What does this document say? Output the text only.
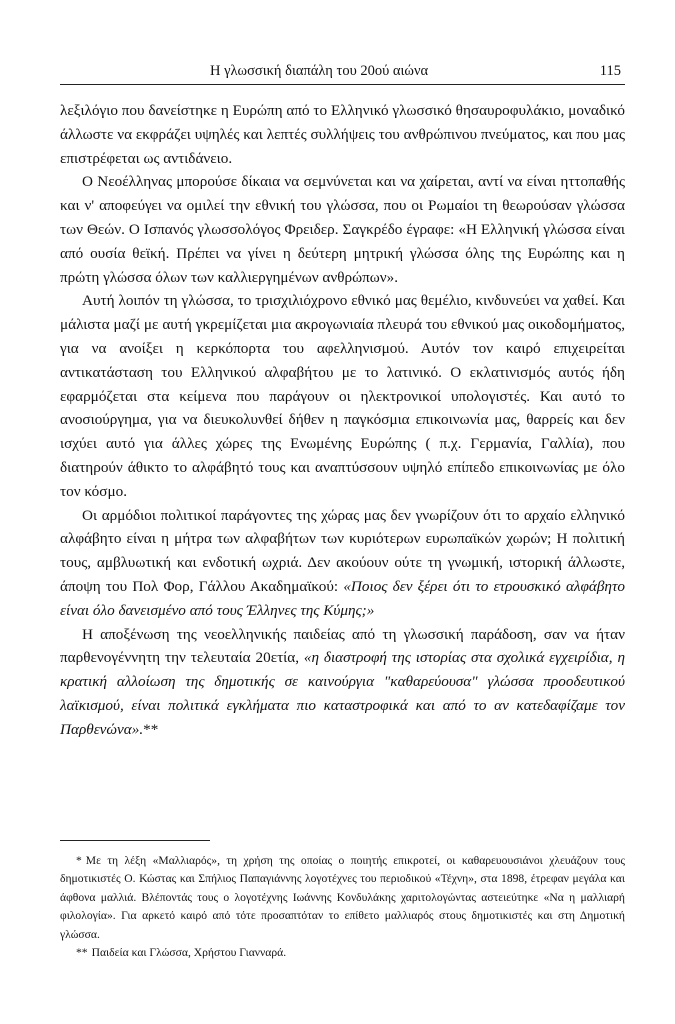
Η γλωσσική διαπάλη του 20ού αιώνα	115

λεξιλόγιο που δανείστηκε η Ευρώπη από το Ελληνικό γλωσσικό θησαυροφυλάκιο, μοναδικό άλλωστε να εκφράζει υψηλές και λεπτές συλλήψεις του ανθρώπινου πνεύματος, και που μας επιστρέφεται ως αντιδάνειο.

Ο Νεοέλληνας μπορούσε δίκαια να σεμνύνεται και να χαίρεται, αντί να είναι ηττοπαθής και ν' αποφεύγει να ομιλεί την εθνική του γλώσσα, που οι Ρωμαίοι τη θεωρούσαν γλώσσα των Θεών. Ο Ισπανός γλωσσολόγος Φρειδερ. Σαγκρέδο έγραφε: «Η Ελληνική γλώσσα είναι από ουσία θεϊκή. Πρέπει να γίνει η δεύτερη μητρική γλώσσα όλης της Ευρώπης και η πρώτη γλώσσα όλων των καλλιεργημένων ανθρώπων».

Αυτή λοιπόν τη γλώσσα, το τρισχιλιόχρονο εθνικό μας θεμέλιο, κινδυνεύει να χαθεί. Και μάλιστα μαζί με αυτή γκρεμίζεται μια ακρογωνιαία πλευρά του εθνικού μας οικοδομήματος, για να ανοίξει η κερκόπορτα του αφελληνισμού. Αυτόν τον καιρό επιχειρείται αντικατάσταση του Ελληνικού αλφαβήτου με το λατινικό. Ο εκλατινισμός αυτός ήδη εφαρμόζεται στα κείμενα που παράγουν οι ηλεκτρονικοί υπολογιστές. Και αυτό το ανοσιούργημα, για να διευκολυνθεί δήθεν η παγκόσμια επικοινωνία μας, θαρρείς και δεν ισχύει αυτό για άλλες χώρες της Ενωμένης Ευρώπης ( π.χ. Γερμανία, Γαλλία), που διατηρούν άθικτο το αλφάβητό τους και αναπτύσσουν υψηλό επίπεδο επικοινωνίας με όλο τον κόσμο.

Οι αρμόδιοι πολιτικοί παράγοντες της χώρας μας δεν γνωρίζουν ότι το αρχαίο ελληνικό αλφάβητο είναι η μήτρα των αλφαβήτων των κυριότερων ευρωπαϊκών χωρών; Η πολιτική τους, αμβλυωτική και ενδοτική ωχριά. Δεν ακούουν ούτε τη γνωμική, ιστορική άλλωστε, άποψη του Πολ Φορ, Γάλλου Ακαδημαϊκού: «Ποιος δεν ξέρει ότι το ετρουσκικό αλφάβητο είναι όλο δανεισμένο από τους Έλληνες της Κύμης;»

Η αποξένωση της νεοελληνικής παιδείας από τη γλωσσική παράδοση, σαν να ήταν παρθενογέννητη την τελευταία 20ετία, «η διαστροφή της ιστορίας στα σχολικά εγχειρίδια, η κρατική αλλοίωση της δημοτικής σε καινούργια "καθαρεύουσα" γλώσσα προοδευτικού λαϊκισμού, είναι πολιτικά εγκλήματα πιο καταστροφικά και από το αν κατεδαφίζαμε τον Παρθενώνα».**

* Με τη λέξη «Μαλλιαρός», τη χρήση της οποίας ο ποιητής επικροτεί, οι καθαρευουσιάνοι χλευάζουν τους δημοτικιστές Ο. Κώστας και Σπήλιος Παπαγιάννης λογοτέχνες του περιοδικού «Τέχνη», στα 1898, έτρεφαν μεγάλα και άφθονα μαλλιά. Βλέποντάς τους ο λογοτέχνης Ιωάννης Κονδυλάκης χαριτολογώντας αστειεύτηκε «Να η μαλλιαρή φιλολογία». Για αρκετό καιρό από τότε προσαπτόταν το επίθετο μαλλιαρός στους δημοτικιστές και στη Δημοτική γλώσσα.

** Παιδεία και Γλώσσα, Χρήστου Γιανναρά.
